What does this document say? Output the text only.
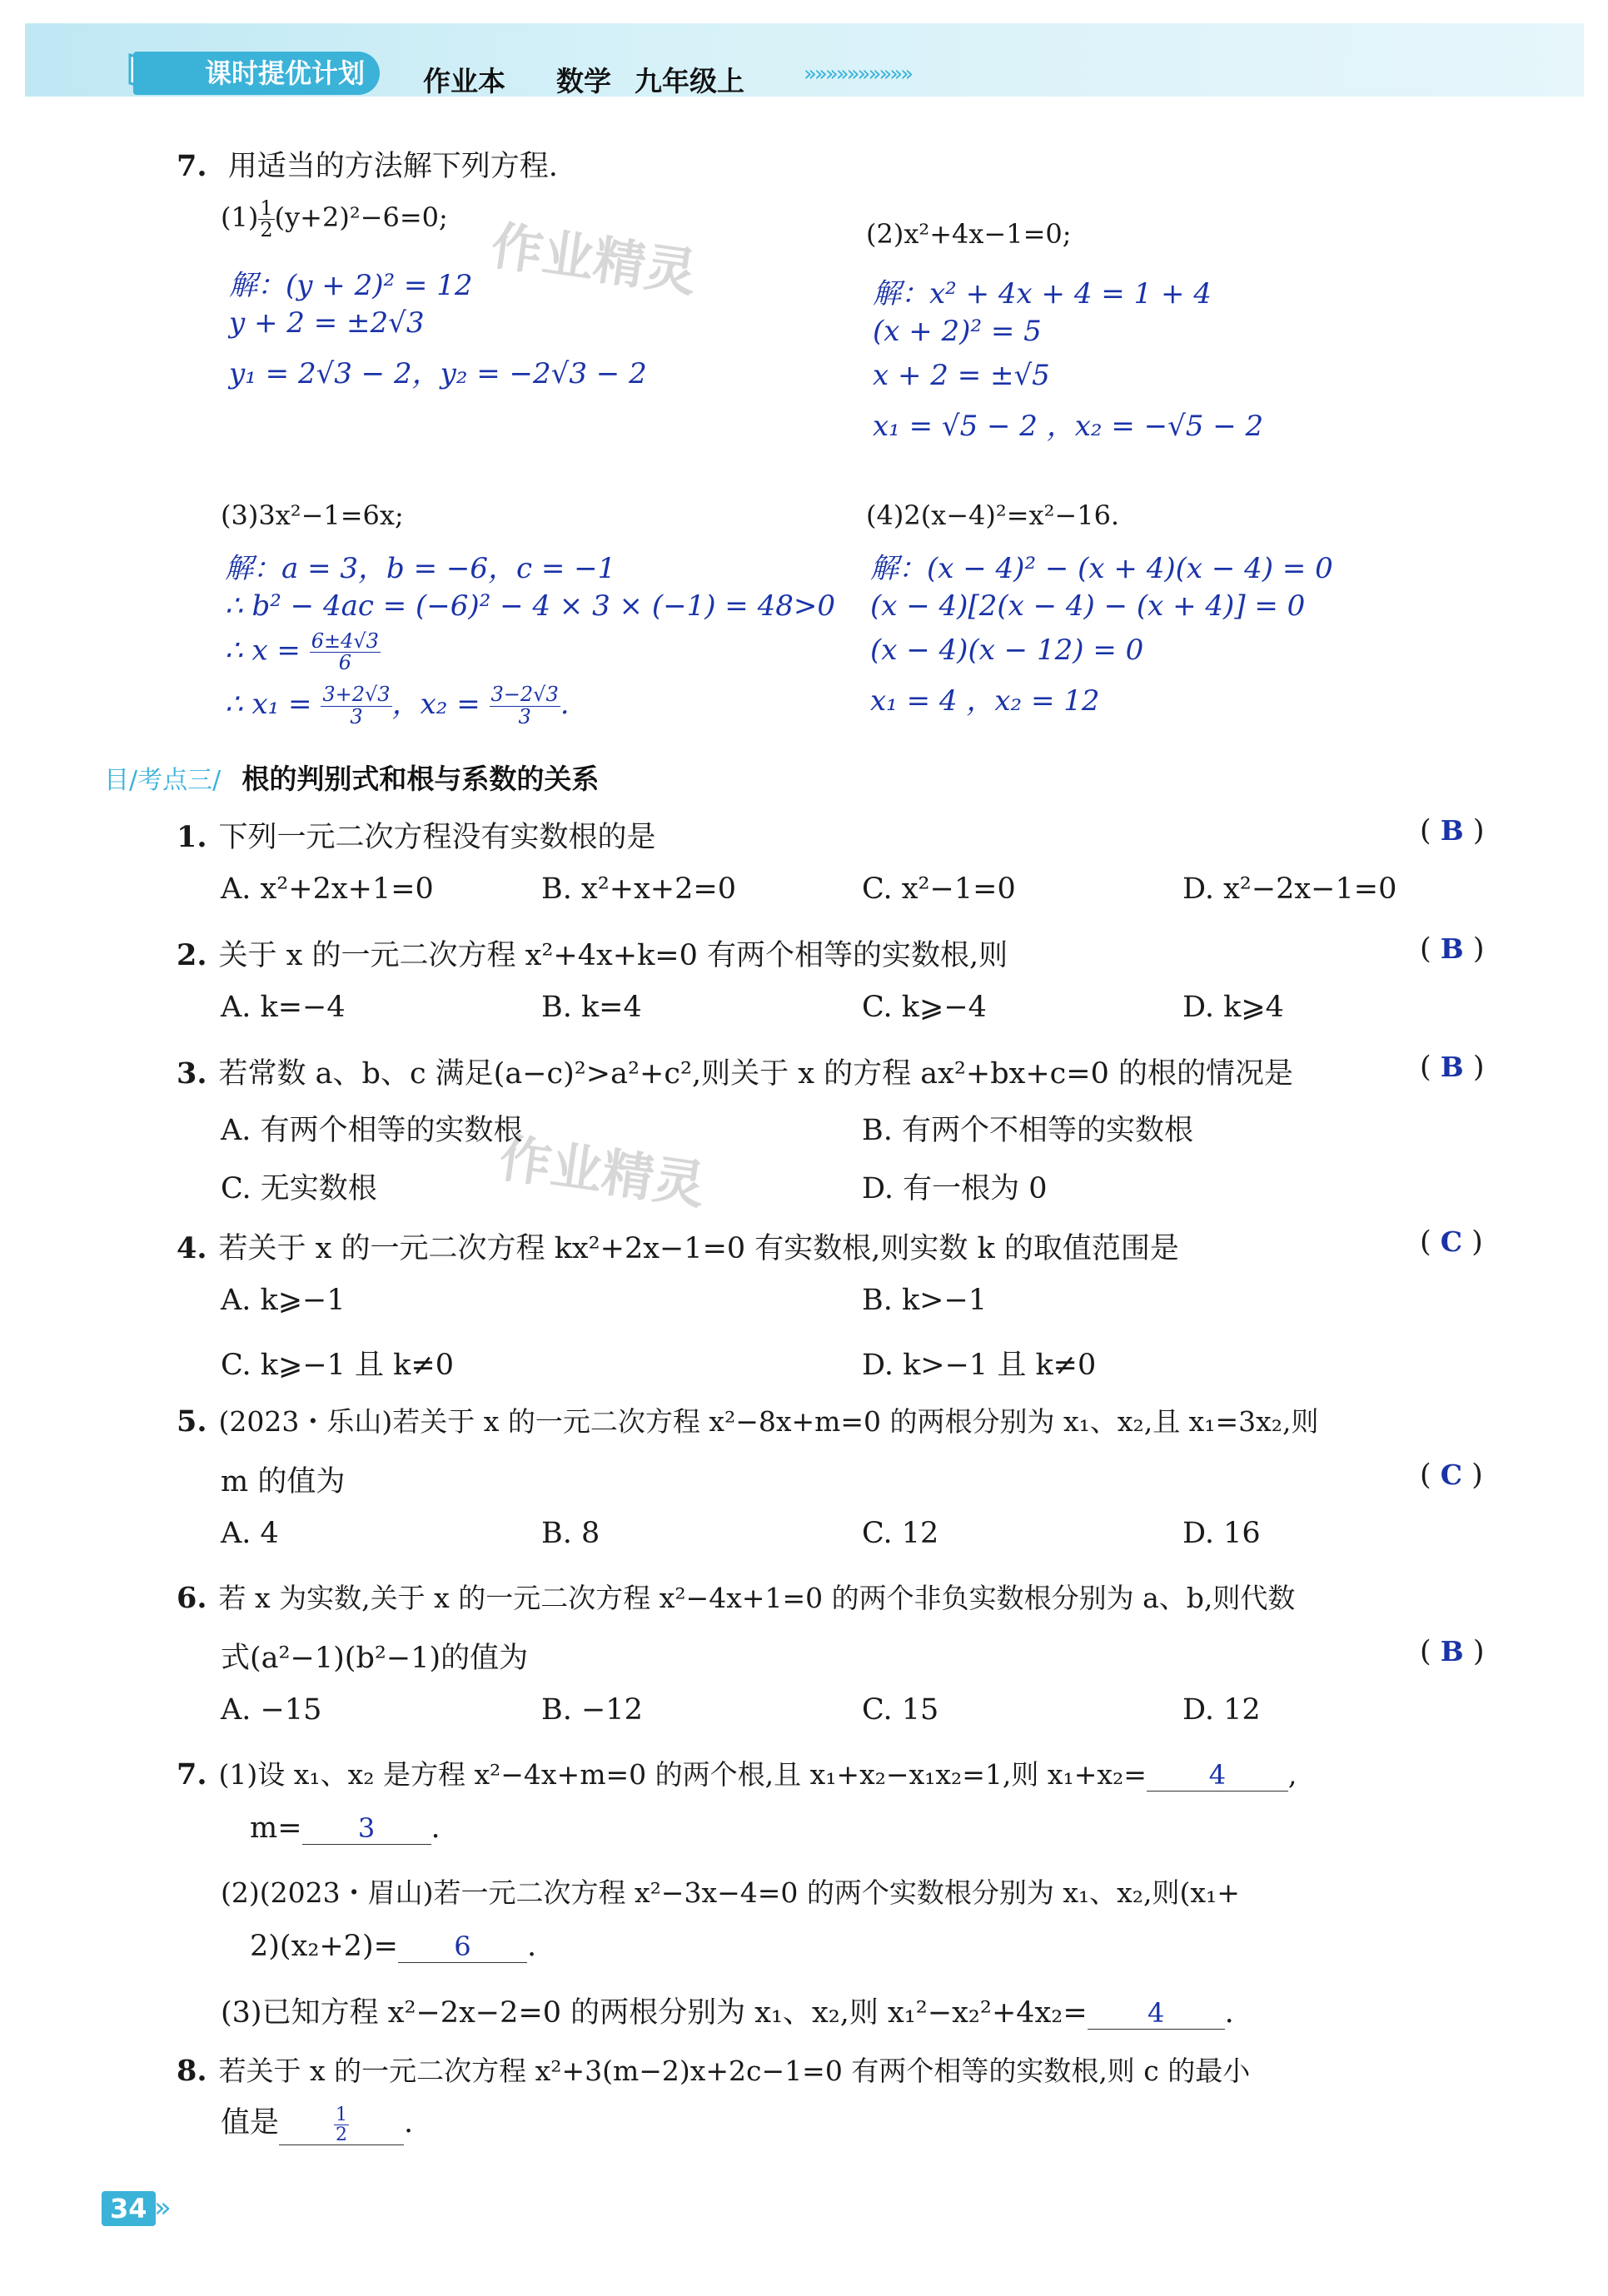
课时提优计划	作业本 数学 九年级上	»»»»»»»»»»
7. 用适当的方法解下列方程.
$(1) \frac{1}{2} (y+2)^2-6=0$;
解：(y + 2)² = 12
y + 2 = ±2√3
y₁ = 2√3 − 2，y₂ = −2√3 − 2
(2)x²+4x−1=0;
解：x² + 4x + 4 = 1 + 4
(x + 2)² = 5
x + 2 = ±√5
x₁ = √5 − 2 ，x₂ = −√5 − 2
(3)3x²−1=6x;
解：a = 3，b = −6，c = −1
∴ b² − 4ac = (−6)² − 4 × 3 × (−1) = 48>0
∴ $x = \frac{6\pm 4√3}{6}$
∴ $x_1 = \frac{3+2√3}{3}$ ，$x_2 = \frac{3-2√3}{3}$ .
(4)2(x−4)²=x²−16.
解：(x − 4)² − (x + 4)(x − 4) = 0
(x − 4)[2(x − 4) − (x + 4)] = 0
(x − 4)(x − 12) = 0
x₁ = 4 ，x₂ = 12
作业精灵
作业精灵
目/考点三/ 根的判别式和根与系数的关系
1. 下列一元二次方程没有实数根的是	( B )
A. x²+2x+1=0	B. x²+x+2=0	C. x²−1=0	D. x²−2x−1=0
2. 关于 x 的一元二次方程 x²+4x+k=0 有两个相等的实数根,则	( B )
A. k=−4	B. k=4	C. k⩾−4	D. k⩾4
3. 若常数 a、b、c 满足(a−c)²>a²+c²,则关于 x 的方程 ax²+bx+c=0 的根的情况是	( B )
A. 有两个相等的实数根	B. 有两个不相等的实数根
C. 无实数根	D. 有一根为 0
4. 若关于 x 的一元二次方程 kx²+2x−1=0 有实数根,则实数 k 的取值范围是	( C )
A. k⩾−1	B. k>−1
C. k⩾−1 且 k≠0	D. k>−1 且 k≠0
5. (2023・乐山)若关于 x 的一元二次方程 x²−8x+m=0 的两根分别为 x₁、x₂,且 x₁=3x₂,则
m 的值为	( C )
A. 4	B. 8	C. 12	D. 16
6. 若 x 为实数,关于 x 的一元二次方程 x²−4x+1=0 的两个非负实数根分别为 a、b,则代数
式(a²−1)(b²−1)的值为	( B )
A. −15	B. −12	C. 15	D. 12
7. (1)设 x₁、x₂ 是方程 x²−4x+m=0 的两个根,且 x₁+x₂−x₁x₂=1,则 x₁+x₂= 4 ,
m= 3 .
(2)(2023・眉山)若一元二次方程 x²−3x−4=0 的两个实数根分别为 x₁、x₂,则(x₁+
2)(x₂+2)= 6 .
(3)已知方程 x²−2x−2=0 的两根分别为 x₁、x₂,则 x₁²−x₂²+4x₂= 4 .
8. 若关于 x 的一元二次方程 x²+3(m−2)x+2c−1=0 有两个相等的实数根,则 c 的最小
值是	$\frac{1}{2}$ .
34 »
